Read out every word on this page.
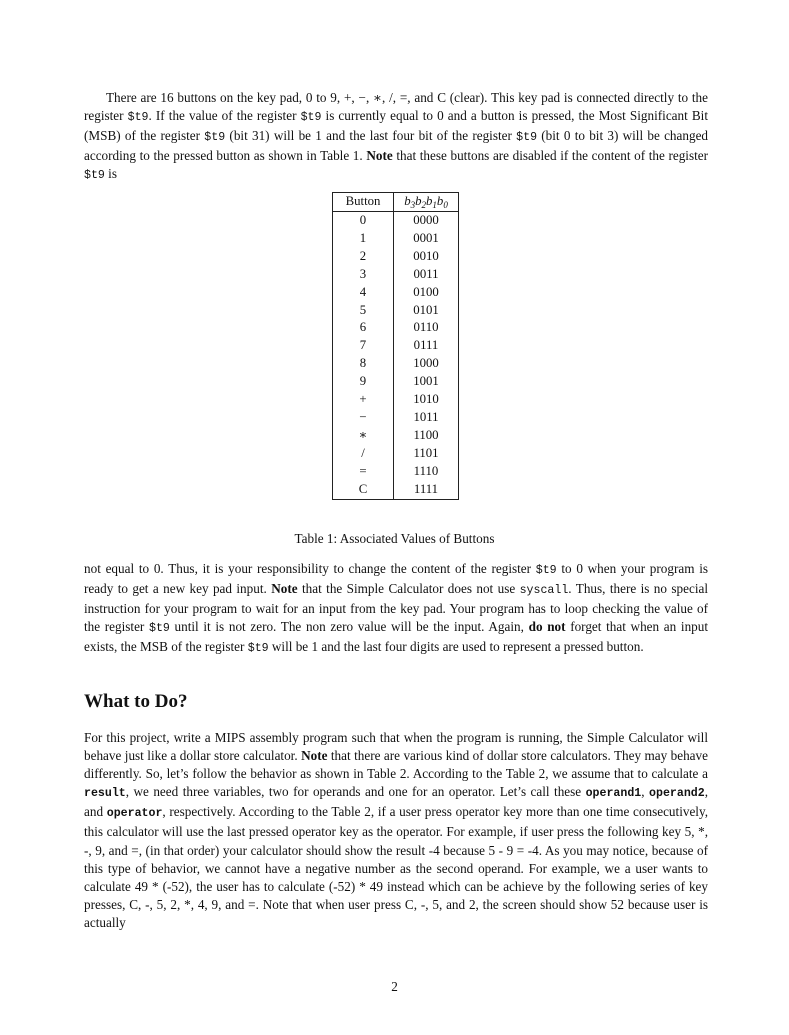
There are 16 buttons on the key pad, 0 to 9, +, −, ∗, /, =, and C (clear). This key pad is connected directly to the register $t9. If the value of the register $t9 is currently equal to 0 and a button is pressed, the Most Significant Bit (MSB) of the register $t9 (bit 31) will be 1 and the last four bit of the register $t9 (bit 0 to bit 3) will be changed according to the pressed button as shown in Table 1. Note that these buttons are disabled if the content of the register $t9 is

Button	$b_3b_2b_1b_0$
0	0000
1	0001
2	0010
3	0011
4	0100
5	0101
6	0110
7	0111
8	1000
9	1001
+	1010
−	1011
∗	1100
/	1101
=	1110
C	1111
Table 1: Associated Values of Buttons

not equal to 0. Thus, it is your responsibility to change the content of the register $t9 to 0 when your program is ready to get a new key pad input. Note that the Simple Calculator does not use syscall. Thus, there is no special instruction for your program to wait for an input from the key pad. Your program has to loop checking the value of the register $t9 until it is not zero. The non zero value will be the input. Again, do not forget that when an input exists, the MSB of the register $t9 will be 1 and the last four digits are used to represent a pressed button.

What to Do?

For this project, write a MIPS assembly program such that when the program is running, the Simple Calculator will behave just like a dollar store calculator. Note that there are various kind of dollar store calculators. They may behave differently. So, let’s follow the behavior as shown in Table 2. According to the Table 2, we assume that to calculate a result, we need three variables, two for operands and one for an operator. Let’s call these operand1, operand2, and operator, respectively. According to the Table 2, if a user press operator key more than one time consecutively, this calculator will use the last pressed operator key as the operator. For example, if user press the following key 5, *, -, 9, and =, (in that order) your calculator should show the result -4 because 5 - 9 = -4. As you may notice, because of this type of behavior, we cannot have a negative number as the second operand. For example, we a user wants to calculate 49 * (-52), the user has to calculate (-52) * 49 instead which can be achieve by the following series of key presses, C, -, 5, 2, *, 4, 9, and =. Note that when user press C, -, 5, and 2, the screen should show 52 because user is actually

2
